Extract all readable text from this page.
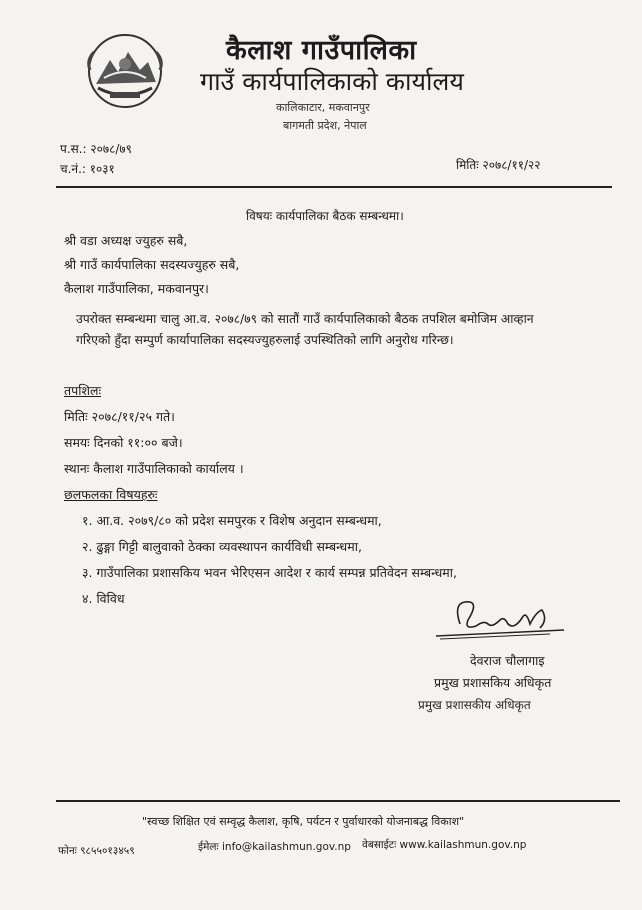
कैलाश गाउँपालिका
गाउँ कार्यपालिकाको कार्यालय
कालिकाटार, मकवानपुर
बागमती प्रदेश, नेपाल
प.स.: २०७८/७९
च.नं.: १०३१	मितिः २०७८/११/२२
विषयः कार्यपालिका बैठक सम्बन्धमा।
श्री वडा अध्यक्ष ज्युहरु सबै,
श्री गाउँ कार्यपालिका सदस्यज्युहरु सबै,
कैलाश गाउँपालिका, मकवानपुर।
उपरोक्त सम्बन्धमा चालु आ.व. २०७८/७९ को सातौं गाउँ कार्यपालिकाको बैठक तपशिल बमोजिम आव्हान गरिएको हुँदा सम्पुर्ण कार्यापालिका सदस्यज्युहरुलाई उपस्थितिको लागि अनुरोध गरिन्छ।
तपशिलः
मितिः २०७८/११/२५ गते।
समयः दिनको ११:०० बजे।
स्थानः कैलाश गाउँपालिकाको कार्यालय ।
छलफलका विषयहरुः
१. आ.व. २०७९/८० को प्रदेश समपुरक र विशेष अनुदान सम्बन्धमा,
२. ढुङ्गा गिट्टी बालुवाको ठेक्का व्यवस्थापन कार्यविधी सम्बन्धमा,
३. गाउँपालिका प्रशासकिय भवन भेरिएसन आदेश र कार्य सम्पन्न प्रतिवेदन सम्बन्धमा,
४. विविध
देवराज चौलागाइ
प्रमुख प्रशासकिय अधिकृत
प्रमुख प्रशासकीय अधिकृत
"स्वच्छ शिक्षित एवं सम्वृद्ध कैलाश, कृषि, पर्यटन र पुर्वाधारको योजनाबद्ध विकाश"
फोनः ९८५५०१३४५९	ईमेलः info@kailashmun.gov.np वेबसाईटः www.kailashmun.gov.np
